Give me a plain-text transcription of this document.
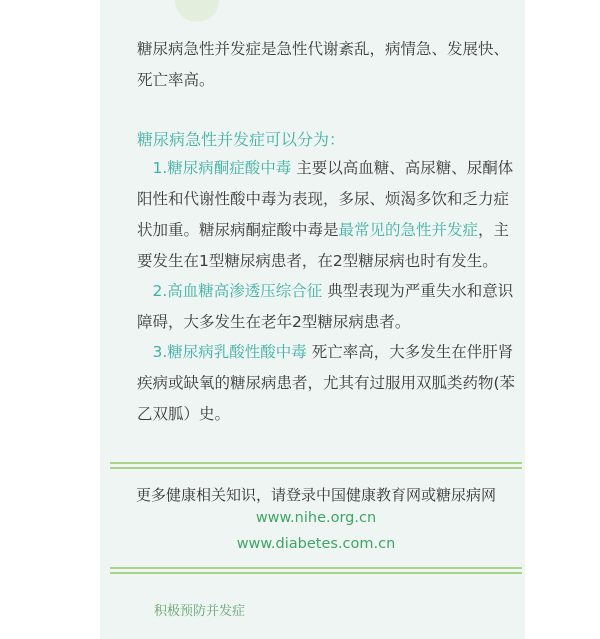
糖尿病急性并发症是急性代谢紊乱，病情急、发展快、死亡率高。

糖尿病急性并发症可以分为：

 1.糖尿病酮症酸中毒 主要以高血糖、高尿糖、尿酮体阳性和代谢性酸中毒为表现，多尿、烦渴多饮和乏力症状加重。糖尿病酮症酸中毒是最常见的急性并发症，主要发生在1型糖尿病患者，在2型糖尿病也时有发生。

 2.高血糖高渗透压综合征 典型表现为严重失水和意识障碍，大多发生在老年2型糖尿病患者。

 3.糖尿病乳酸性酸中毒 死亡率高，大多发生在伴肝肾疾病或缺氧的糖尿病患者，尤其有过服用双胍类药物(苯乙双胍）史。

更多健康相关知识，请登录中国健康教育网或糖尿病网

www.nihe.org.cn

www.diabetes.com.cn

积极预防并发症
